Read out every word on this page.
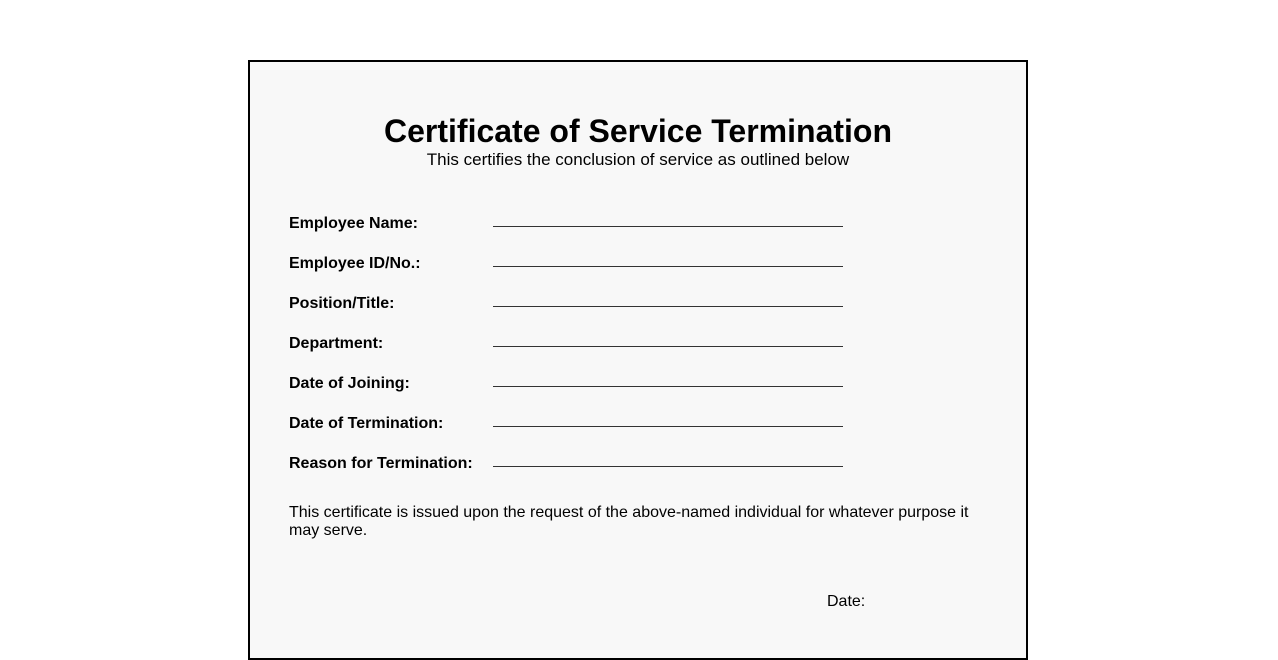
Certificate of Service Termination
This certifies the conclusion of service as outlined below
Employee Name:
Employee ID/No.:
Position/Title:
Department:
Date of Joining:
Date of Termination:
Reason for Termination:
This certificate is issued upon the request of the above-named individual for whatever purpose it may serve.
Date:
